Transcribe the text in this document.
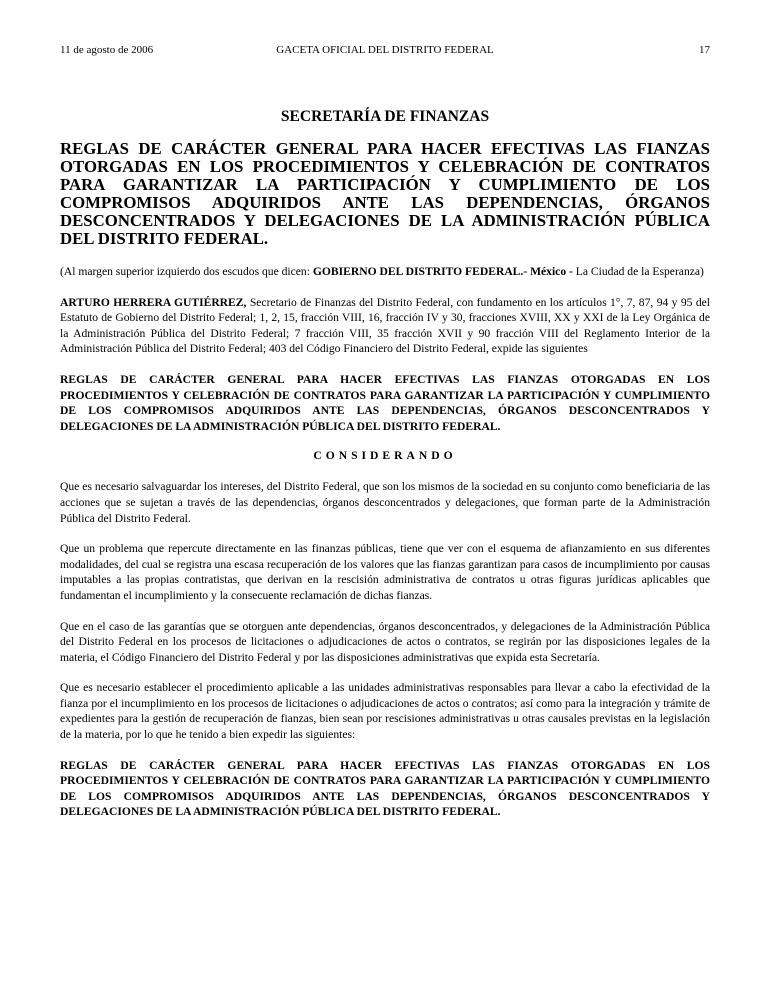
11 de agosto de 2006	GACETA OFICIAL DEL DISTRITO FEDERAL	17
SECRETARÍA DE FINANZAS
REGLAS DE CARÁCTER GENERAL PARA HACER EFECTIVAS LAS FIANZAS OTORGADAS EN LOS PROCEDIMIENTOS Y CELEBRACIÓN DE CONTRATOS PARA GARANTIZAR LA PARTICIPACIÓN Y CUMPLIMIENTO DE LOS COMPROMISOS ADQUIRIDOS ANTE LAS DEPENDENCIAS, ÓRGANOS DESCONCENTRADOS Y DELEGACIONES DE LA ADMINISTRACIÓN PÚBLICA DEL DISTRITO FEDERAL.

(Al margen superior izquierdo dos escudos que dicen: GOBIERNO DEL DISTRITO FEDERAL.- México - La Ciudad de la Esperanza)

ARTURO HERRERA GUTIÉRREZ, Secretario de Finanzas del Distrito Federal, con fundamento en los artículos 1°, 7, 87, 94 y 95 del Estatuto de Gobierno del Distrito Federal; 1, 2, 15, fracción VIII, 16, fracción IV y 30, fracciones XVIII, XX y XXI de la Ley Orgánica de la Administración Pública del Distrito Federal; 7 fracción VIII, 35 fracción XVII y 90 fracción VIII del Reglamento Interior de la Administración Pública del Distrito Federal; 403 del Código Financiero del Distrito Federal, expide las siguientes

REGLAS DE CARÁCTER GENERAL PARA HACER EFECTIVAS LAS FIANZAS OTORGADAS EN LOS PROCEDIMIENTOS Y CELEBRACIÓN DE CONTRATOS PARA GARANTIZAR LA PARTICIPACIÓN Y CUMPLIMIENTO DE LOS COMPROMISOS ADQUIRIDOS ANTE LAS DEPENDENCIAS, ÓRGANOS DESCONCENTRADOS Y DELEGACIONES DE LA ADMINISTRACIÓN PÚBLICA DEL DISTRITO FEDERAL.
CONSIDERANDO

Que es necesario salvaguardar los intereses, del Distrito Federal, que son los mismos de la sociedad en su conjunto como beneficiaria de las acciones que se sujetan a través de las dependencias, órganos desconcentrados y delegaciones, que forman parte de la Administración Pública del Distrito Federal.

Que un problema que repercute directamente en las finanzas públicas, tiene que ver con el esquema de afianzamiento en sus diferentes modalidades, del cual se registra una escasa recuperación de los valores que las fianzas garantizan para casos de incumplimiento por causas imputables a las propias contratistas, que derivan en la rescisión administrativa de contratos u otras figuras jurídicas aplicables que fundamentan el incumplimiento y la consecuente reclamación de dichas fianzas.

Que en el caso de las garantías que se otorguen ante dependencias, órganos desconcentrados, y delegaciones de la Administración Pública del Distrito Federal en los procesos de licitaciones o adjudicaciones de actos o contratos, se regirán por las disposiciones legales de la materia, el Código Financiero del Distrito Federal y por las disposiciones administrativas que expida esta Secretaría.

Que es necesario establecer el procedimiento aplicable a las unidades administrativas responsables para llevar a cabo la efectividad de la fianza por el incumplimiento en los procesos de licitaciones o adjudicaciones de actos o contratos; así como para la integración y trámite de expedientes para la gestión de recuperación de fianzas, bien sean por rescisiones administrativas u otras causales previstas en la legislación de la materia, por lo que he tenido a bien expedir las siguientes:

REGLAS DE CARÁCTER GENERAL PARA HACER EFECTIVAS LAS FIANZAS OTORGADAS EN LOS PROCEDIMIENTOS Y CELEBRACIÓN DE CONTRATOS PARA GARANTIZAR LA PARTICIPACIÓN Y CUMPLIMIENTO DE LOS COMPROMISOS ADQUIRIDOS ANTE LAS DEPENDENCIAS, ÓRGANOS DESCONCENTRADOS Y DELEGACIONES DE LA ADMINISTRACIÓN PÚBLICA DEL DISTRITO FEDERAL.
